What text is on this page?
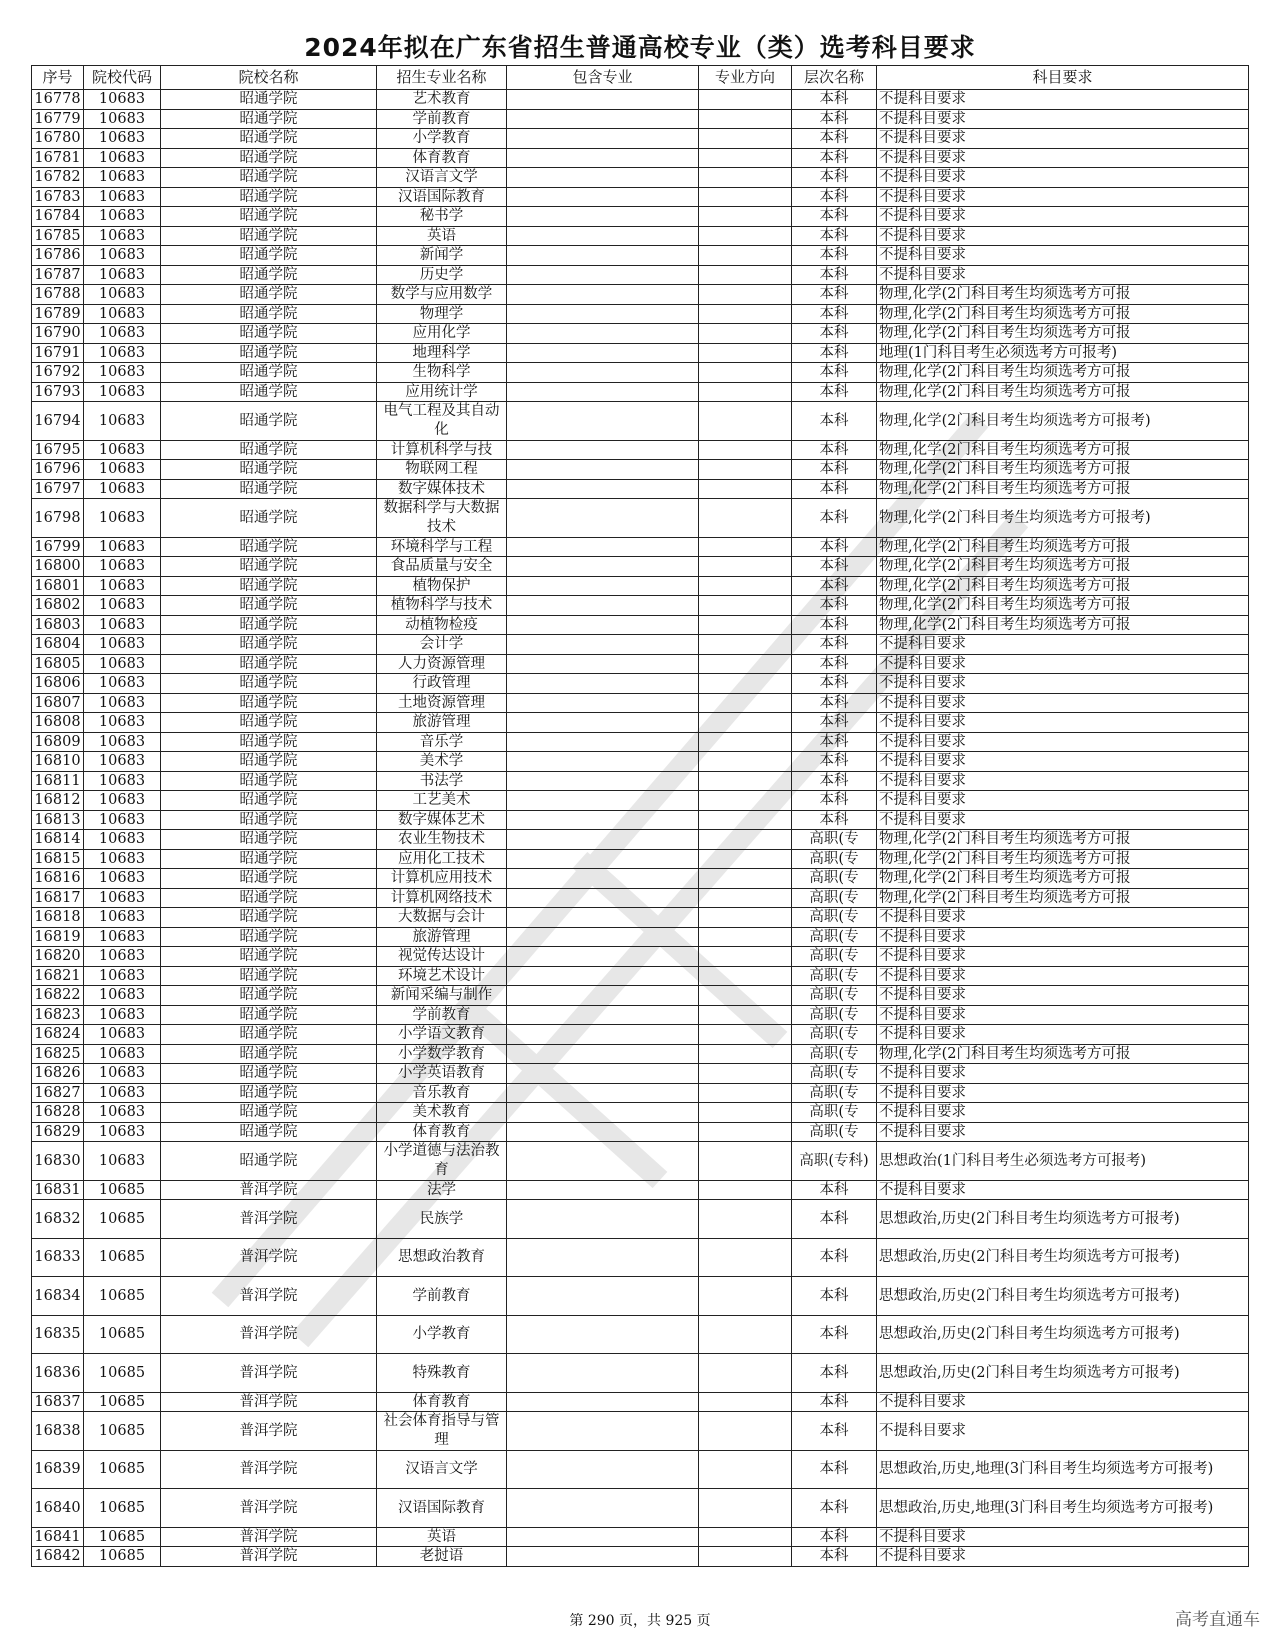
2024年拟在广东省招生普通高校专业（类）选考科目要求
序号	院校代码	院校名称	招生专业名称	包含专业	专业方向	层次名称	科目要求
16778	10683	昭通学院	艺术教育			本科	不提科目要求
16779	10683	昭通学院	学前教育			本科	不提科目要求
16780	10683	昭通学院	小学教育			本科	不提科目要求
16781	10683	昭通学院	体育教育			本科	不提科目要求
16782	10683	昭通学院	汉语言文学			本科	不提科目要求
16783	10683	昭通学院	汉语国际教育			本科	不提科目要求
16784	10683	昭通学院	秘书学			本科	不提科目要求
16785	10683	昭通学院	英语			本科	不提科目要求
16786	10683	昭通学院	新闻学			本科	不提科目要求
16787	10683	昭通学院	历史学			本科	不提科目要求
16788	10683	昭通学院	数学与应用数学			本科	物理,化学(2门科目考生均须选考方可报
16789	10683	昭通学院	物理学			本科	物理,化学(2门科目考生均须选考方可报
16790	10683	昭通学院	应用化学			本科	物理,化学(2门科目考生均须选考方可报
16791	10683	昭通学院	地理科学			本科	地理(1门科目考生必须选考方可报考)
16792	10683	昭通学院	生物科学			本科	物理,化学(2门科目考生均须选考方可报
16793	10683	昭通学院	应用统计学			本科	物理,化学(2门科目考生均须选考方可报
16794	10683	昭通学院	电气工程及其自动化			本科	物理,化学(2门科目考生均须选考方可报考)
16795	10683	昭通学院	计算机科学与技			本科	物理,化学(2门科目考生均须选考方可报
16796	10683	昭通学院	物联网工程			本科	物理,化学(2门科目考生均须选考方可报
16797	10683	昭通学院	数字媒体技术			本科	物理,化学(2门科目考生均须选考方可报
16798	10683	昭通学院	数据科学与大数据技术			本科	物理,化学(2门科目考生均须选考方可报考)
16799	10683	昭通学院	环境科学与工程			本科	物理,化学(2门科目考生均须选考方可报
16800	10683	昭通学院	食品质量与安全			本科	物理,化学(2门科目考生均须选考方可报
16801	10683	昭通学院	植物保护			本科	物理,化学(2门科目考生均须选考方可报
16802	10683	昭通学院	植物科学与技术			本科	物理,化学(2门科目考生均须选考方可报
16803	10683	昭通学院	动植物检疫			本科	物理,化学(2门科目考生均须选考方可报
16804	10683	昭通学院	会计学			本科	不提科目要求
16805	10683	昭通学院	人力资源管理			本科	不提科目要求
16806	10683	昭通学院	行政管理			本科	不提科目要求
16807	10683	昭通学院	土地资源管理			本科	不提科目要求
16808	10683	昭通学院	旅游管理			本科	不提科目要求
16809	10683	昭通学院	音乐学			本科	不提科目要求
16810	10683	昭通学院	美术学			本科	不提科目要求
16811	10683	昭通学院	书法学			本科	不提科目要求
16812	10683	昭通学院	工艺美术			本科	不提科目要求
16813	10683	昭通学院	数字媒体艺术			本科	不提科目要求
16814	10683	昭通学院	农业生物技术			高职(专	物理,化学(2门科目考生均须选考方可报
16815	10683	昭通学院	应用化工技术			高职(专	物理,化学(2门科目考生均须选考方可报
16816	10683	昭通学院	计算机应用技术			高职(专	物理,化学(2门科目考生均须选考方可报
16817	10683	昭通学院	计算机网络技术			高职(专	物理,化学(2门科目考生均须选考方可报
16818	10683	昭通学院	大数据与会计			高职(专	不提科目要求
16819	10683	昭通学院	旅游管理			高职(专	不提科目要求
16820	10683	昭通学院	视觉传达设计			高职(专	不提科目要求
16821	10683	昭通学院	环境艺术设计			高职(专	不提科目要求
16822	10683	昭通学院	新闻采编与制作			高职(专	不提科目要求
16823	10683	昭通学院	学前教育			高职(专	不提科目要求
16824	10683	昭通学院	小学语文教育			高职(专	不提科目要求
16825	10683	昭通学院	小学数学教育			高职(专	物理,化学(2门科目考生均须选考方可报
16826	10683	昭通学院	小学英语教育			高职(专	不提科目要求
16827	10683	昭通学院	音乐教育			高职(专	不提科目要求
16828	10683	昭通学院	美术教育			高职(专	不提科目要求
16829	10683	昭通学院	体育教育			高职(专	不提科目要求
16830	10683	昭通学院	小学道德与法治教育			高职(专科)	思想政治(1门科目考生必须选考方可报考)
16831	10685	普洱学院	法学			本科	不提科目要求
16832	10685	普洱学院	民族学			本科	思想政治,历史(2门科目考生均须选考方可报考)
16833	10685	普洱学院	思想政治教育			本科	思想政治,历史(2门科目考生均须选考方可报考)
16834	10685	普洱学院	学前教育			本科	思想政治,历史(2门科目考生均须选考方可报考)
16835	10685	普洱学院	小学教育			本科	思想政治,历史(2门科目考生均须选考方可报考)
16836	10685	普洱学院	特殊教育			本科	思想政治,历史(2门科目考生均须选考方可报考)
16837	10685	普洱学院	体育教育			本科	不提科目要求
16838	10685	普洱学院	社会体育指导与管理			本科	不提科目要求
16839	10685	普洱学院	汉语言文学			本科	思想政治,历史,地理(3门科目考生均须选考方可报考)
16840	10685	普洱学院	汉语国际教育			本科	思想政治,历史,地理(3门科目考生均须选考方可报考)
16841	10685	普洱学院	英语			本科	不提科目要求
16842	10685	普洱学院	老挝语			本科	不提科目要求
第 290 页，共 925 页	高考直通车
